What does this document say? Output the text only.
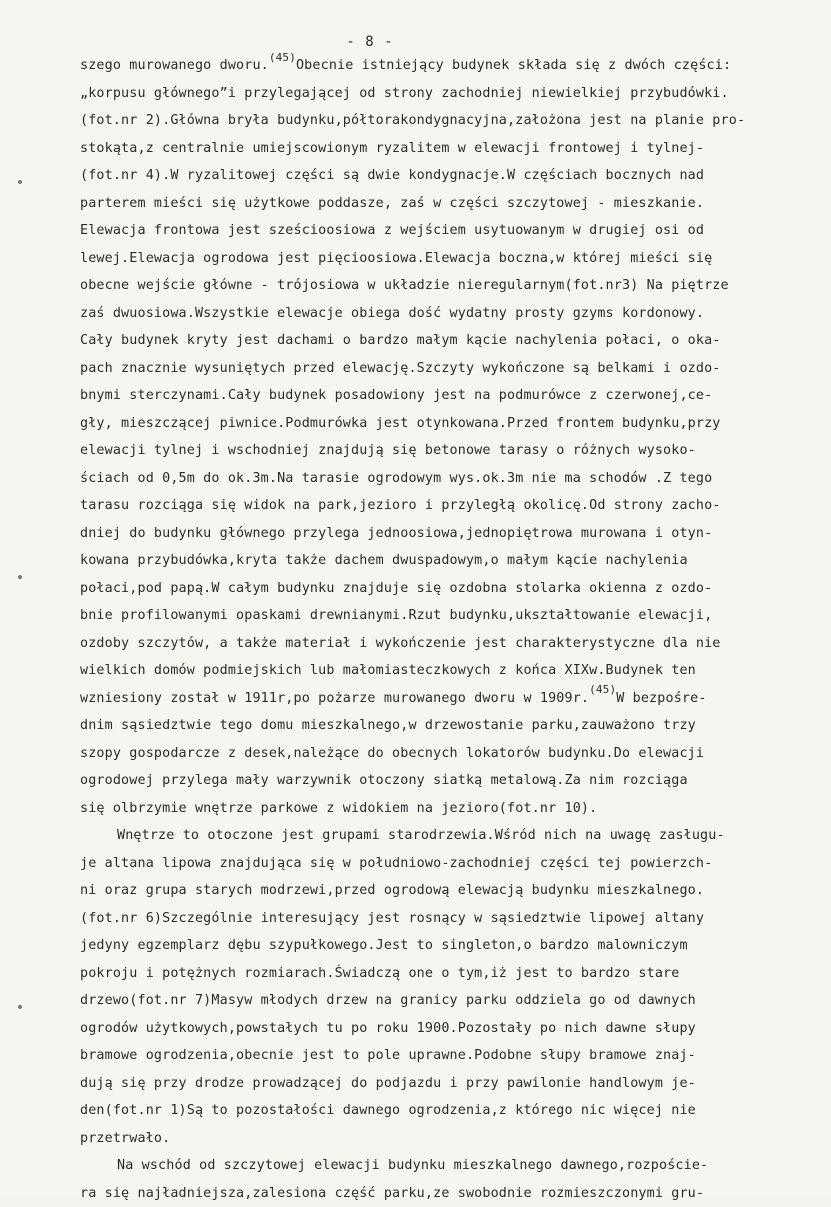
- 8 -
szego murowanego dworu.$^{(45)}$Obecnie istniejący budynek składa się z dwóch części:
„korpusu głównego”i przylegającej od strony zachodniej niewielkiej przybudówki.
(fot.nr 2).Główna bryła budynku,półtorakondygnacyjna,założona jest na planie pro-
stokąta,z centralnie umiejscowionym ryzalitem w elewacji frontowej i tylnej-
(fot.nr 4).W ryzalitowej części są dwie kondygnacje.W częściach bocznych nad
parterem mieści się użytkowe poddasze, zaś w części szczytowej - mieszkanie.
Elewacja frontowa jest sześcioosiowa z wejściem usytuowanym w drugiej osi od
lewej.Elewacja ogrodowa jest pięcioosiowa.Elewacja boczna,w której mieści się
obecne wejście główne - trójosiowa w układzie nieregularnym(fot.nr3) Na piętrze
zaś dwuosiowa.Wszystkie elewacje obiega dość wydatny prosty gzyms kordonowy.
Cały budynek kryty jest dachami o bardzo małym kącie nachylenia połaci, o oka-
pach znacznie wysuniętych przed elewację.Szczyty wykończone są belkami i ozdo-
bnymi sterczynami.Cały budynek posadowiony jest na podmurówce z czerwonej,ce-
gły, mieszczącej piwnice.Podmurówka jest otynkowana.Przed frontem budynku,przy
elewacji tylnej i wschodniej znajdują się betonowe tarasy o różnych wysoko-
ściach od 0,5m do ok.3m.Na tarasie ogrodowym wys.ok.3m nie ma schodów .Z tego
tarasu rozciąga się widok na park,jezioro i przyległą okolicę.Od strony zacho-
dniej do budynku głównego przylega jednoosiowa,jednopiętrowa murowana i otyn-
kowana przybudówka,kryta także dachem dwuspadowym,o małym kącie nachylenia
połaci,pod papą.W całym budynku znajduje się ozdobna stolarka okienna z ozdo-
bnie profilowanymi opaskami drewnianymi.Rzut budynku,ukształtowanie elewacji,
ozdoby szczytów, a także materiał i wykończenie jest charakterystyczne dla nie
wielkich domów podmiejskich lub małomiasteczkowych z końca XIXw.Budynek ten
wzniesiony został w 1911r,po pożarze murowanego dworu w 1909r.$^{(45)}$W bezpośre-
dnim sąsiedztwie tego domu mieszkalnego,w drzewostanie parku,zauważono trzy
szopy gospodarcze z desek,należące do obecnych lokatorów budynku.Do elewacji
ogrodowej przylega mały warzywnik otoczony siatką metalową.Za nim rozciąga
się olbrzymie wnętrze parkowe z widokiem na jezioro(fot.nr 10).
Wnętrze to otoczone jest grupami starodrzewia.Wśród nich na uwagę zasługu-
je altana lipowa znajdująca się w południowo-zachodniej części tej powierzch-
ni oraz grupa starych modrzewi,przed ogrodową elewacją budynku mieszkalnego.
(fot.nr 6)Szczególnie interesujący jest rosnący w sąsiedztwie lipowej altany
jedyny egzemplarz dębu szypułkowego.Jest to singleton,o bardzo malowniczym
pokroju i potężnych rozmiarach.Świadczą one o tym,iż jest to bardzo stare
drzewo(fot.nr 7)Masyw młodych drzew na granicy parku oddziela go od dawnych
ogrodów użytkowych,powstałych tu po roku 1900.Pozostały po nich dawne słupy
bramowe ogrodzenia,obecnie jest to pole uprawne.Podobne słupy bramowe znaj-
dują się przy drodze prowadzącej do podjazdu i przy pawilonie handlowym je-
den(fot.nr 1)Są to pozostałości dawnego ogrodzenia,z którego nic więcej nie
przetrwało.
Na wschód od szczytowej elewacji budynku mieszkalnego dawnego,rozpoście-
ra się najładniejsza,zalesiona część parku,ze swobodnie rozmieszczonymi gru-
